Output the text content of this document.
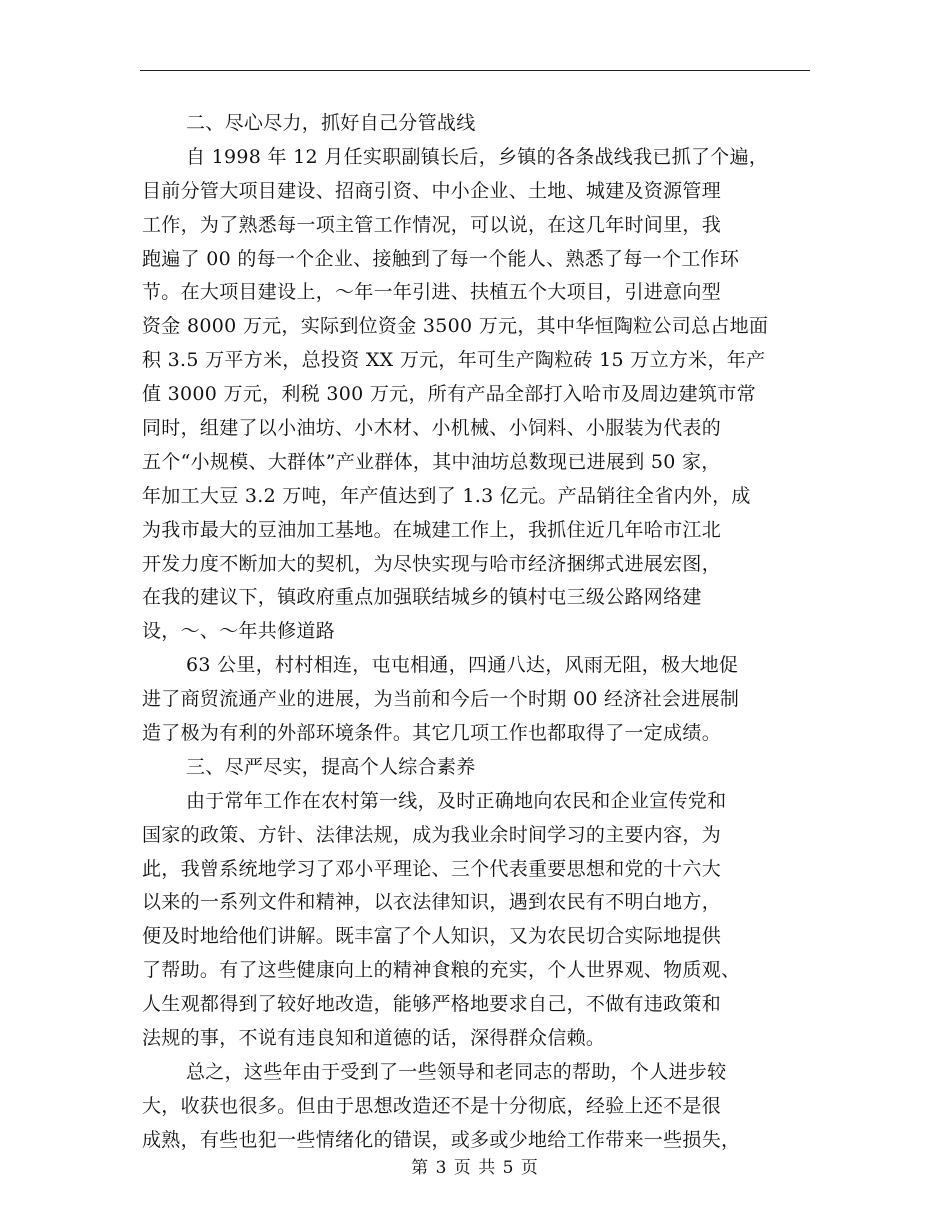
二、尽心尽力，抓好自己分管战线
自 1998 年 12 月任实职副镇长后，乡镇的各条战线我已抓了个遍，
目前分管大项目建设、招商引资、中小企业、土地、城建及资源管理
工作，为了熟悉每一项主管工作情况，可以说，在这几年时间里，我
跑遍了 00 的每一个企业、接触到了每一个能人、熟悉了每一个工作环
节。在大项目建设上，～年一年引进、扶植五个大项目，引进意向型
资金 8000 万元，实际到位资金 3500 万元，其中华恒陶粒公司总占地面
积 3.5 万平方米，总投资 XX 万元，年可生产陶粒砖 15 万立方米，年产
值 3000 万元，利税 300 万元，所有产品全部打入哈市及周边建筑市常
同时，组建了以小油坊、小木材、小机械、小饲料、小服装为代表的
五个“小规模、大群体”产业群体，其中油坊总数现已进展到 50 家，
年加工大豆 3.2 万吨，年产值达到了 1.3 亿元。产品销往全省内外，成
为我市最大的豆油加工基地。在城建工作上，我抓住近几年哈市江北
开发力度不断加大的契机，为尽快实现与哈市经济捆绑式进展宏图，
在我的建议下，镇政府重点加强联结城乡的镇村屯三级公路网络建
设，～、～年共修道路
63 公里，村村相连，屯屯相通，四通八达，风雨无阻，极大地促
进了商贸流通产业的进展，为当前和今后一个时期 00 经济社会进展制
造了极为有利的外部环境条件。其它几项工作也都取得了一定成绩。
三、尽严尽实，提高个人综合素养
由于常年工作在农村第一线，及时正确地向农民和企业宣传党和
国家的政策、方针、法律法规，成为我业余时间学习的主要内容，为
此，我曾系统地学习了邓小平理论、三个代表重要思想和党的十六大
以来的一系列文件和精神，以衣法律知识，遇到农民有不明白地方，
便及时地给他们讲解。既丰富了个人知识，又为农民切合实际地提供
了帮助。有了这些健康向上的精神食粮的充实，个人世界观、物质观、
人生观都得到了较好地改造，能够严格地要求自己，不做有违政策和
法规的事，不说有违良知和道德的话，深得群众信赖。
总之，这些年由于受到了一些领导和老同志的帮助，个人进步较
大，收获也很多。但由于思想改造还不是十分彻底，经验上还不是很
成熟，有些也犯一些情绪化的错误，或多或少地给工作带来一些损失，
第 3 页 共 5 页
